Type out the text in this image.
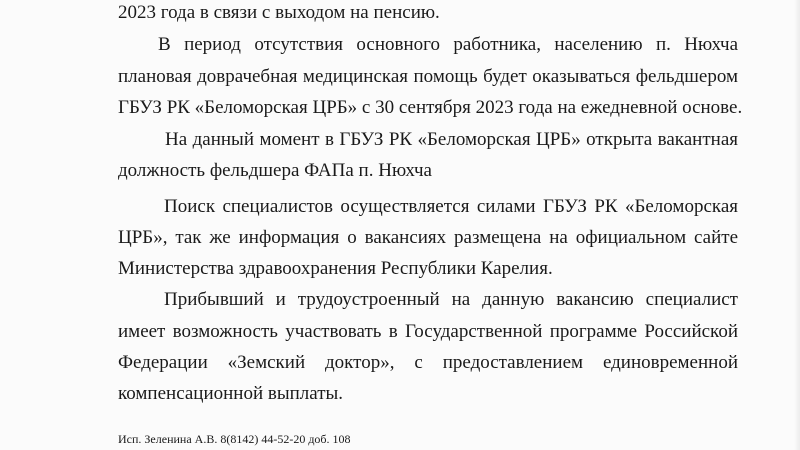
2023 года в связи с выходом на пенсию.
В период отсутствия основного работника, населению п. Нюхча
плановая доврачебная медицинская помощь будет оказываться фельдшером
ГБУЗ РК «Беломорская ЦРБ» с 30 сентября 2023 года на ежедневной основе.
На данный момент в ГБУЗ РК «Беломорская ЦРБ» открыта вакантная
должность фельдшера ФАПа п. Нюхча
Поиск специалистов осуществляется силами ГБУЗ РК «Беломорская
ЦРБ», так же информация о вакансиях размещена на официальном сайте
Министерства здравоохранения Республики Карелия.
Прибывший и трудоустроенный на данную вакансию специалист
имеет возможность участвовать в Государственной программе Российской
Федерации «Земский доктор», с предоставлением единовременной
компенсационной выплаты.
Исп. Зеленина А.В. 8(8142) 44-52-20 доб. 108
